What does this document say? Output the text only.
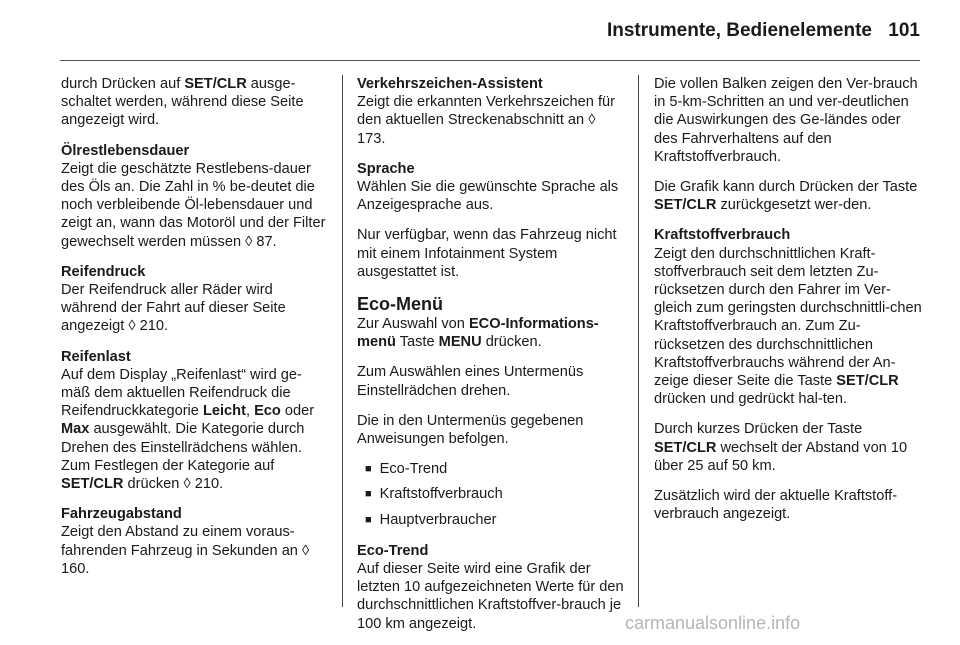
Instrumente, Bedienelemente 101

durch Drücken auf SET/CLR ausge-schaltet werden, während diese Seite angezeigt wird.

Ölrestlebensdauer
Zeigt die geschätzte Restlebens-dauer des Öls an. Die Zahl in % be-deutet die noch verbleibende Öl-lebensdauer und zeigt an, wann das Motoröl und der Filter gewechselt werden müssen ◊ 87.

Reifendruck
Der Reifendruck aller Räder wird während der Fahrt auf dieser Seite angezeigt ◊ 210.

Reifenlast
Auf dem Display „Reifenlast“ wird ge-mäß dem aktuellen Reifendruck die Reifendruckkategorie Leicht, Eco oder Max ausgewählt. Die Kategorie durch Drehen des Einstellrädchens wählen. Zum Festlegen der Kategorie auf SET/CLR drücken ◊ 210.

Fahrzeugabstand
Zeigt den Abstand zu einem voraus-fahrenden Fahrzeug in Sekunden an ◊ 160.

Verkehrszeichen-Assistent
Zeigt die erkannten Verkehrszeichen für den aktuellen Streckenabschnitt an ◊ 173.

Sprache
Wählen Sie die gewünschte Sprache als Anzeigesprache aus.

Nur verfügbar, wenn das Fahrzeug nicht mit einem Infotainment System ausgestattet ist.

Eco-Menü
Zur Auswahl von ECO-Informations-menü Taste MENU drücken.

Zum Auswählen eines Untermenüs Einstellrädchen drehen.

Die in den Untermenüs gegebenen Anweisungen befolgen.

■ Eco-Trend
■ Kraftstoffverbrauch
■ Hauptverbraucher

Eco-Trend
Auf dieser Seite wird eine Grafik der letzten 10 aufgezeichneten Werte für den durchschnittlichen Kraftstoffver-brauch je 100 km angezeigt.

Die vollen Balken zeigen den Ver-brauch in 5-km-Schritten an und ver-deutlichen die Auswirkungen des Ge-ländes oder des Fahrverhaltens auf den Kraftstoffverbrauch.

Die Grafik kann durch Drücken der Taste SET/CLR zurückgesetzt wer-den.

Kraftstoffverbrauch
Zeigt den durchschnittlichen Kraft-stoffverbrauch seit dem letzten Zu-rücksetzen durch den Fahrer im Ver-gleich zum geringsten durchschnittli-chen Kraftstoffverbrauch an. Zum Zu-rücksetzen des durchschnittlichen Kraftstoffverbrauchs während der An-zeige dieser Seite die Taste SET/CLR drücken und gedrückt hal-ten.

Durch kurzes Drücken der Taste SET/CLR wechselt der Abstand von 10 über 25 auf 50 km.

Zusätzlich wird der aktuelle Kraftstoff-verbrauch angezeigt.

carmanualsonline.info
